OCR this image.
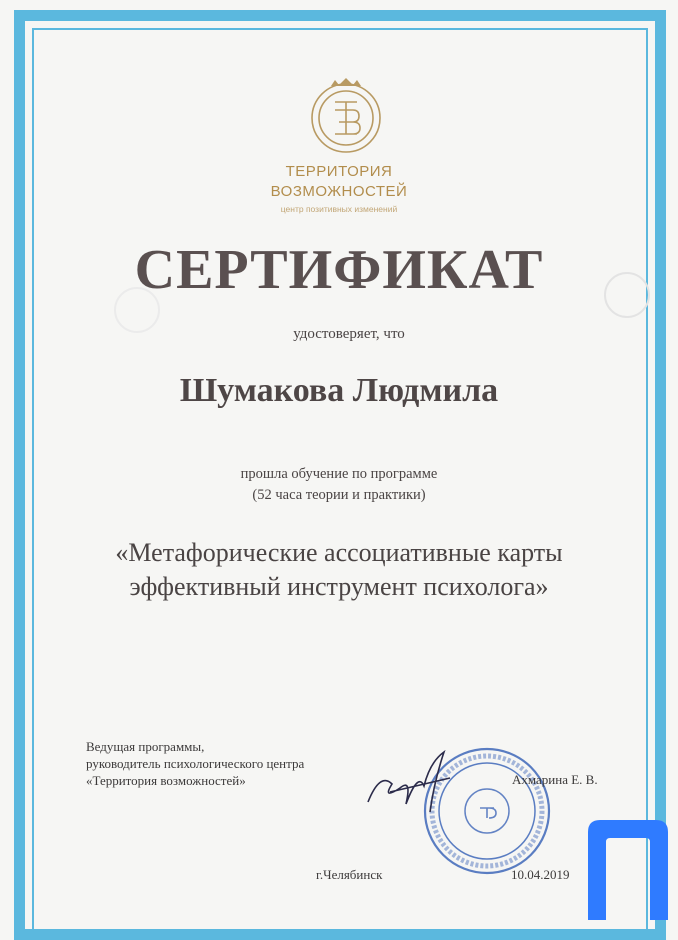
ТЕРРИТОРИЯ
ВОЗМОЖНОСТЕЙ
центр позитивных изменений
СЕРТИФИКАТ
удостоверяет, что
Шумакова Людмила
прошла обучение по программе
(52 часа теории и практики)
«Метафорические ассоциативные карты
эффективный инструмент психолога»
Ведущая программы,
руководитель психологического центра
«Территория возможностей»	Ахмарина Е. В.
г.Челябинск	10.04.2019
